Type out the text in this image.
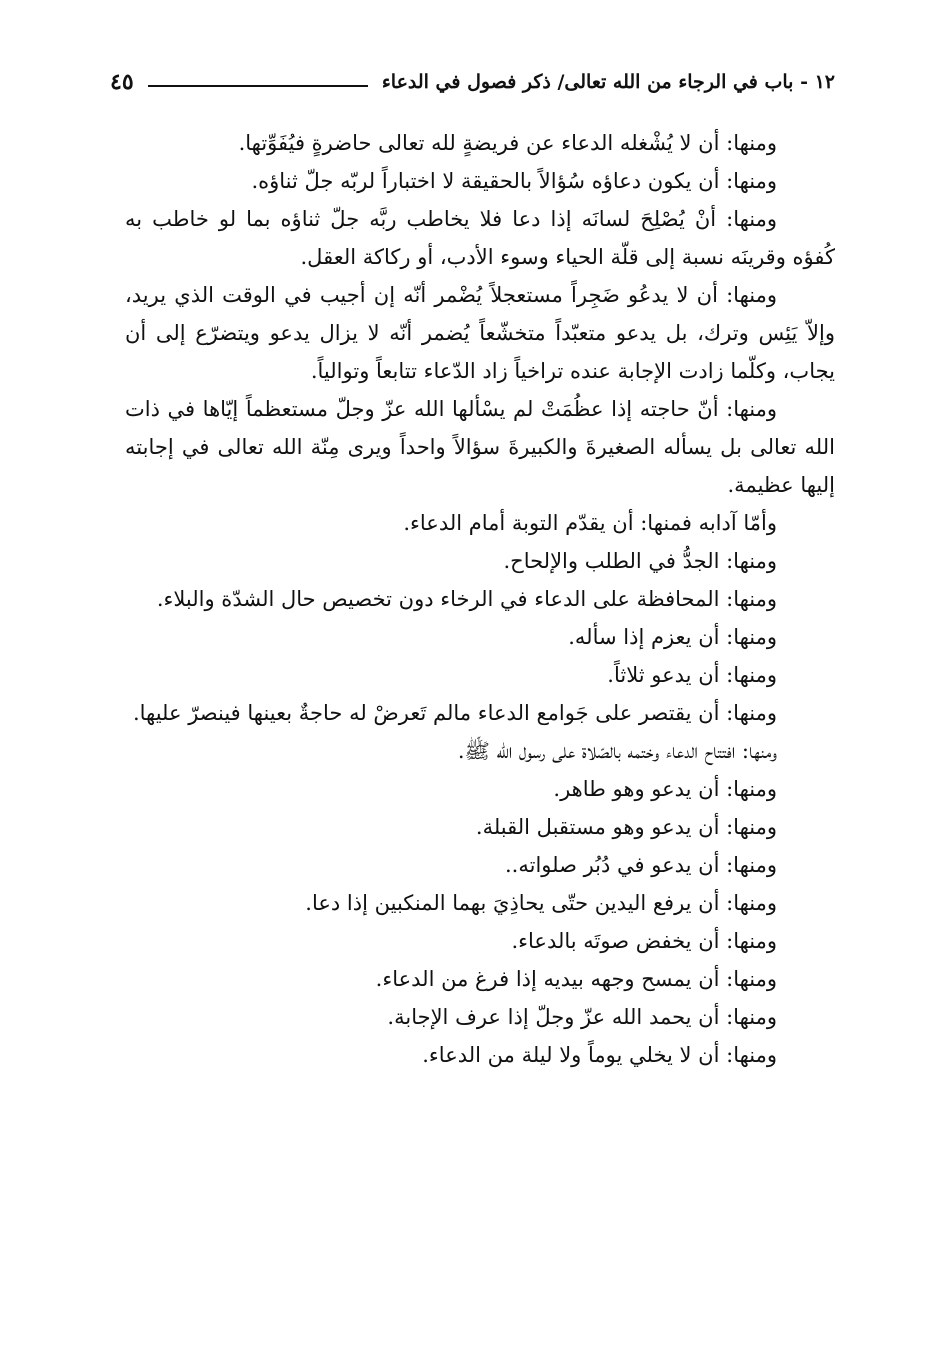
١٢ - باب في الرجاء من الله تعالى/ ذكر فصول في الدعاء
٤٥

ومنها: أن لا يُشْغله الدعاء عن فريضةٍ لله تعالى حاضرةٍ فيُفَوِّتها.

ومنها: أن يكون دعاؤه سُؤالاً بالحقيقة لا اختباراً لربّه جلّ ثناؤه.

ومنها: أنْ يُصْلِحَ لسانَه إذا دعا فلا يخاطب ربَّه جلّ ثناؤه بما لو خاطب به كُفؤه وقرينَه نسبة إلى قلّة الحياء وسوء الأدب، أو ركاكة العقل.

ومنها: أن لا يدعُو ضَجِراً مستعجلاً يُضْمر أنّه إن أجيب في الوقت الذي يريد، وإلاّ يَئِس وترك، بل يدعو متعبّداً متخشّعاً يُضمر أنّه لا يزال يدعو ويتضرّع إلى أن يجاب، وكلّما زادت الإجابة عنده تراخياً زاد الدّعاء تتابعاً وتوالياً.

ومنها: أنّ حاجته إذا عظُمَتْ لم يسْألها الله عزّ وجلّ مستعظماً إيّاها في ذات الله تعالى بل يسأله الصغيرةَ والكبيرةَ سؤالاً واحداً ويرى مِنّة الله تعالى في إجابته إليها عظيمة.

وأمّا آدابه فمنها: أن يقدّم التوبة أمام الدعاء.

ومنها: الجدُّ في الطلب والإلحاح.

ومنها: المحافظة على الدعاء في الرخاء دون تخصيص حال الشدّة والبلاء.

ومنها: أن يعزم إذا سأله.

ومنها: أن يدعو ثلاثاً.

ومنها: أن يقتصر على جَوامع الدعاء مالم تَعرضْ له حاجةٌ بعينها فينصرّ عليها.

ومنها: افتتاح الدعاء وختمه بالصّلاة على رسول الله ﷺ.

ومنها: أن يدعو وهو طاهر.

ومنها: أن يدعو وهو مستقبل القبلة.

ومنها: أن يدعو في دُبُر صلواته..

ومنها: أن يرفع اليدين حتّى يحاذِيَ بهما المنكبين إذا دعا.

ومنها: أن يخفض صوتَه بالدعاء.

ومنها: أن يمسح وجهه بيديه إذا فرغ من الدعاء.

ومنها: أن يحمد الله عزّ وجلّ إذا عرف الإجابة.

ومنها: أن لا يخلي يوماً ولا ليلة من الدعاء.
